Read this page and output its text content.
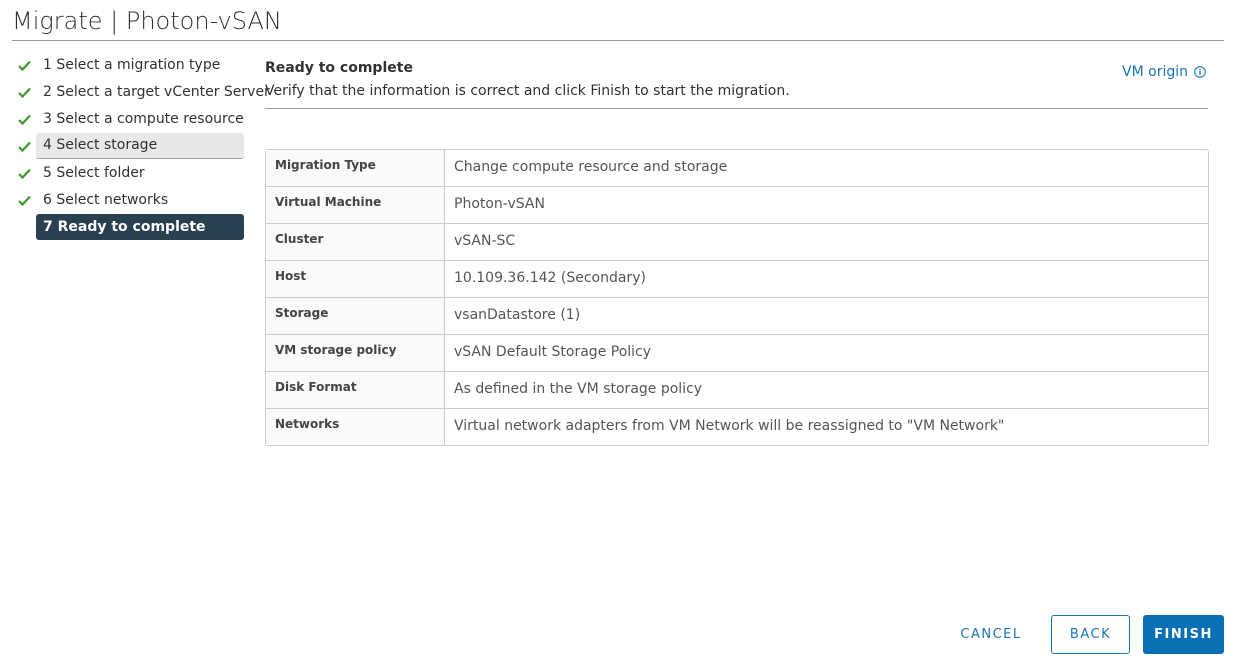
Migrate | Photon-vSAN
1 Select a migration type
2 Select a target vCenter Server
3 Select a compute resource
4 Select storage
5 Select folder
6 Select networks
7 Ready to complete
Ready to complete
Verify that the information is correct and click Finish to start the migration.
VM origin
Migration Type	Change compute resource and storage
Virtual Machine	Photon-vSAN
Cluster	vSAN-SC
Host	10.109.36.142 (Secondary)
Storage	vsanDatastore (1)
VM storage policy	vSAN Default Storage Policy
Disk Format	As defined in the VM storage policy
Networks	Virtual network adapters from VM Network will be reassigned to "VM Network"
CANCEL	BACK	FINISH
